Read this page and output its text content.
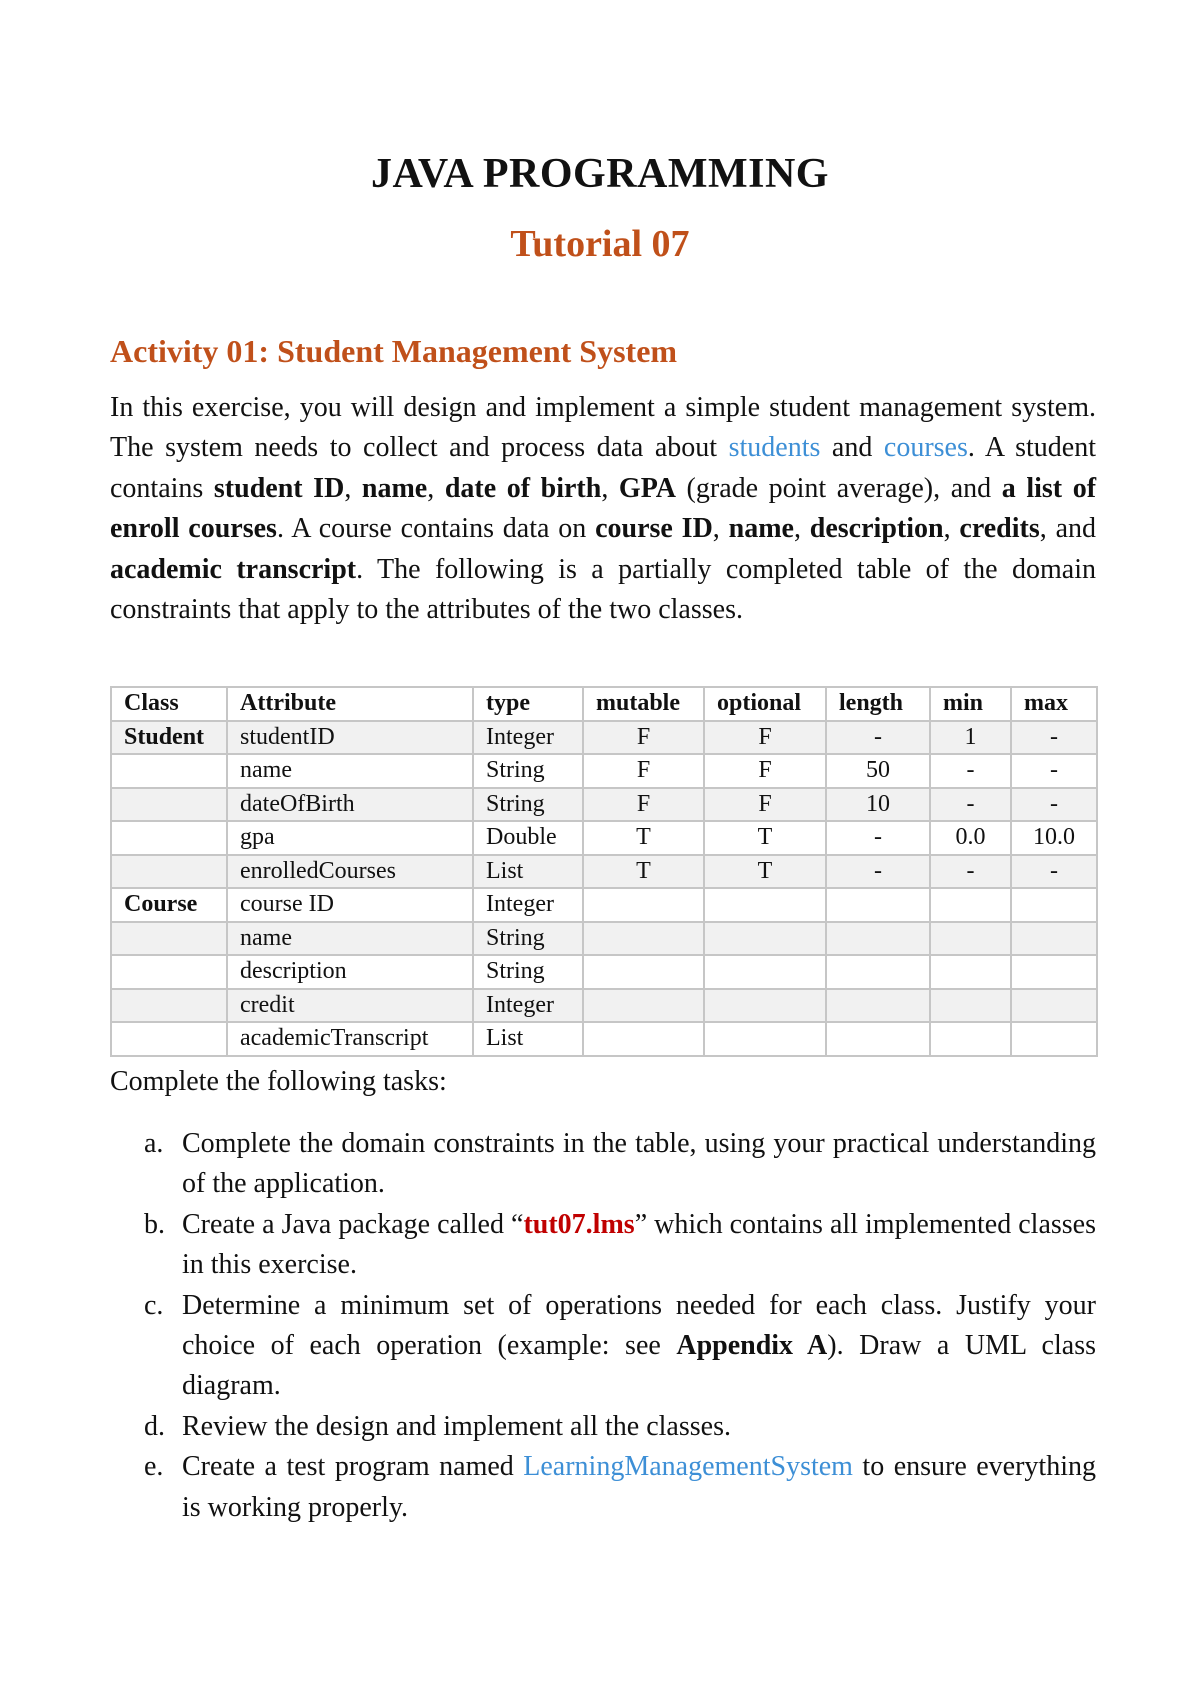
JAVA PROGRAMMING
Tutorial 07
Activity 01: Student Management System

In this exercise, you will design and implement a simple student management system. The system needs to collect and process data about students and courses. A student contains student ID, name, date of birth, GPA (grade point average), and a list of enroll courses. A course contains data on course ID, name, description, credits, and academic transcript. The following is a partially completed table of the domain constraints that apply to the attributes of the two classes.

Class	Attribute	type	mutable	optional	length	min	max
Student	studentID	Integer	F	F	-	1	-
	name	String	F	F	50	-	-
	dateOfBirth	String	F	F	10	-	-
	gpa	Double	T	T	-	0.0	10.0
	enrolledCourses	List	T	T	-	-	-
Course	course ID	Integer					
	name	String					
	description	String					
	credit	Integer					
	academicTranscript	List					
Complete the following tasks:
a. Complete the domain constraints in the table, using your practical understanding of the application.
b. Create a Java package called “tut07.lms” which contains all implemented classes in this exercise.
c. Determine a minimum set of operations needed for each class. Justify your choice of each operation (example: see Appendix A). Draw a UML class diagram.
d. Review the design and implement all the classes.
e. Create a test program named LearningManagementSystem to ensure everything is working properly.
